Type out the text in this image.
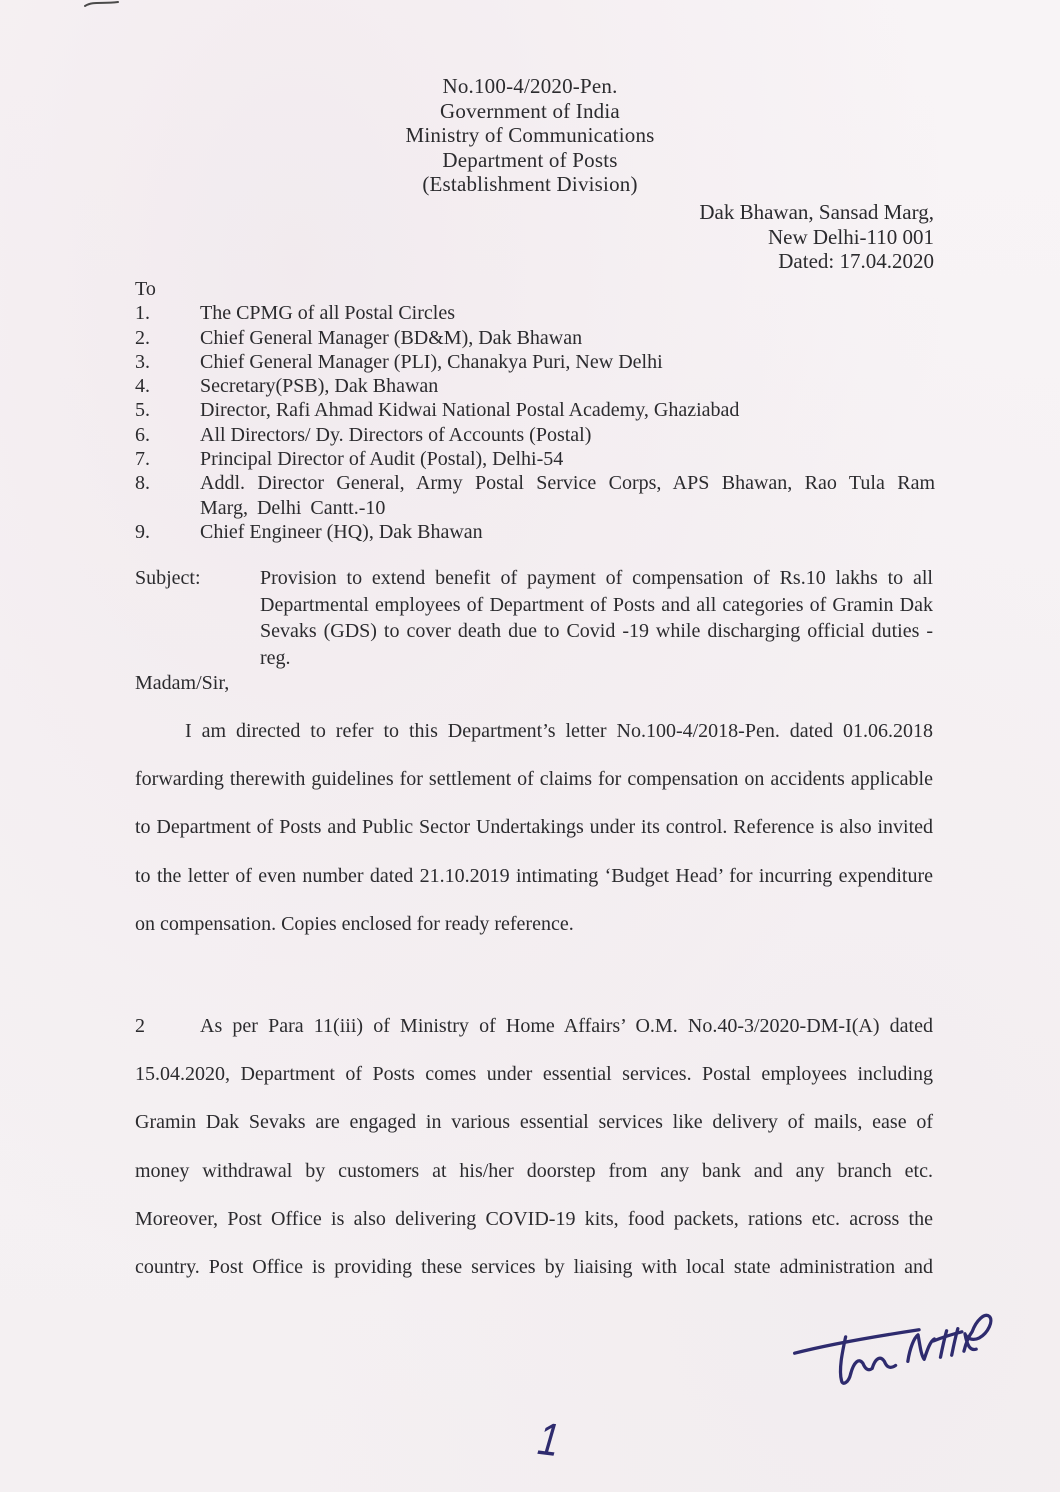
No.100-4/2020-Pen.
Government of India
Ministry of Communications
Department of Posts
(Establishment Division)
Dak Bhawan, Sansad Marg,
New Delhi-110 001
Dated: 17.04.2020
To
1.	The CPMG of all Postal Circles
2.	Chief General Manager (BD&M), Dak Bhawan
3.	Chief General Manager (PLI), Chanakya Puri, New Delhi
4.	Secretary(PSB), Dak Bhawan
5.	Director, Rafi Ahmad Kidwai National Postal Academy, Ghaziabad
6.	All Directors/ Dy. Directors of Accounts (Postal)
7.	Principal Director of Audit (Postal), Delhi-54
8.	Addl. Director General, Army Postal Service Corps, APS Bhawan, Rao Tula Ram Marg, Delhi Cantt.-10
9.	Chief Engineer (HQ), Dak Bhawan
Subject:	Provision to extend benefit of payment of compensation of Rs.10 lakhs to all Departmental employees of Department of Posts and all categories of Gramin Dak Sevaks (GDS) to cover death due to Covid -19 while discharging official duties - reg.
Madam/Sir,
I am directed to refer to this Department’s letter No.100-4/2018-Pen. dated 01.06.2018 forwarding therewith guidelines for settlement of claims for compensation on accidents applicable to Department of Posts and Public Sector Undertakings under its control. Reference is also invited to the letter of even number dated 21.10.2019 intimating ‘Budget Head’ for incurring expenditure on compensation. Copies enclosed for ready reference.
2	As per Para 11(iii) of Ministry of Home Affairs’ O.M. No.40-3/2020-DM-I(A) dated 15.04.2020, Department of Posts comes under essential services. Postal employees including Gramin Dak Sevaks are engaged in various essential services like delivery of mails, ease of money withdrawal by customers at his/her doorstep from any bank and any branch etc. Moreover, Post Office is also delivering COVID-19 kits, food packets, rations etc. across the country. Post Office is providing these services by liaising with local state administration and
1
